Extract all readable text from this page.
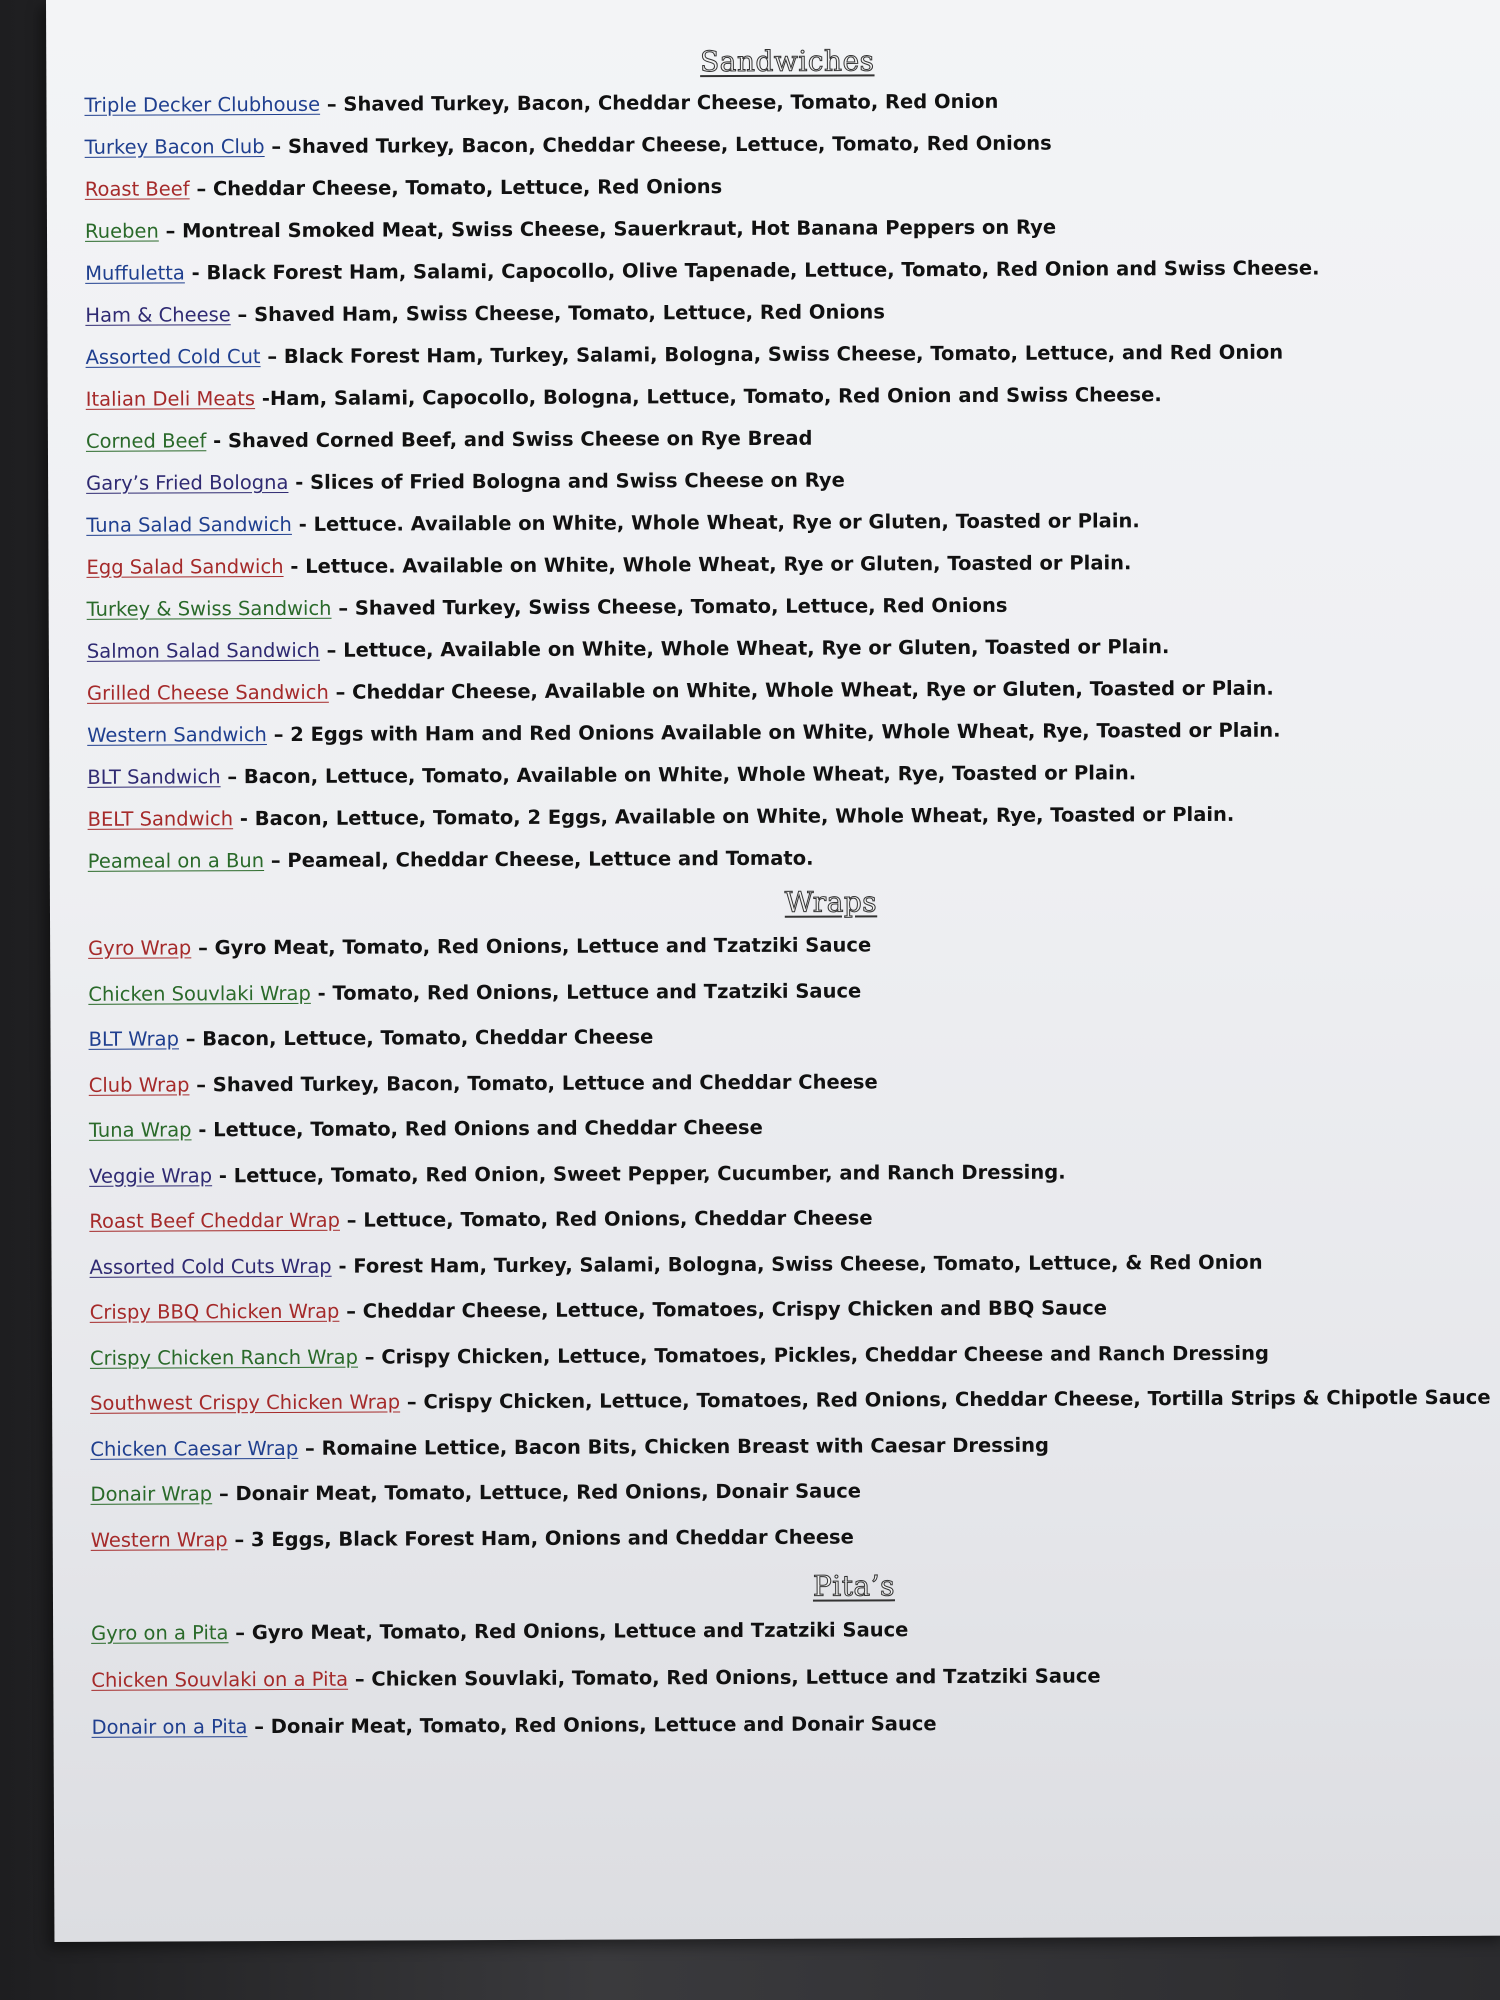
Sandwiches
Triple Decker Clubhouse – Shaved Turkey, Bacon, Cheddar Cheese, Tomato, Red Onion
Turkey Bacon Club – Shaved Turkey, Bacon, Cheddar Cheese, Lettuce, Tomato, Red Onions
Roast Beef – Cheddar Cheese, Tomato, Lettuce, Red Onions
Rueben – Montreal Smoked Meat, Swiss Cheese, Sauerkraut, Hot Banana Peppers on Rye
Muffuletta - Black Forest Ham, Salami, Capocollo, Olive Tapenade, Lettuce, Tomato, Red Onion and Swiss Cheese.
Ham & Cheese – Shaved Ham, Swiss Cheese, Tomato, Lettuce, Red Onions
Assorted Cold Cut – Black Forest Ham, Turkey, Salami, Bologna, Swiss Cheese, Tomato, Lettuce, and Red Onion
Italian Deli Meats -Ham, Salami, Capocollo, Bologna, Lettuce, Tomato, Red Onion and Swiss Cheese.
Corned Beef - Shaved Corned Beef, and Swiss Cheese on Rye Bread
Gary’s Fried Bologna - Slices of Fried Bologna and Swiss Cheese on Rye
Tuna Salad Sandwich - Lettuce. Available on White, Whole Wheat, Rye or Gluten, Toasted or Plain.
Egg Salad Sandwich - Lettuce. Available on White, Whole Wheat, Rye or Gluten, Toasted or Plain.
Turkey & Swiss Sandwich – Shaved Turkey, Swiss Cheese, Tomato, Lettuce, Red Onions
Salmon Salad Sandwich – Lettuce, Available on White, Whole Wheat, Rye or Gluten, Toasted or Plain.
Grilled Cheese Sandwich – Cheddar Cheese, Available on White, Whole Wheat, Rye or Gluten, Toasted or Plain.
Western Sandwich – 2 Eggs with Ham and Red Onions Available on White, Whole Wheat, Rye, Toasted or Plain.
BLT Sandwich – Bacon, Lettuce, Tomato, Available on White, Whole Wheat, Rye, Toasted or Plain.
BELT Sandwich - Bacon, Lettuce, Tomato, 2 Eggs, Available on White, Whole Wheat, Rye, Toasted or Plain.
Peameal on a Bun – Peameal, Cheddar Cheese, Lettuce and Tomato.
Wraps
Gyro Wrap – Gyro Meat, Tomato, Red Onions, Lettuce and Tzatziki Sauce
Chicken Souvlaki Wrap - Tomato, Red Onions, Lettuce and Tzatziki Sauce
BLT Wrap – Bacon, Lettuce, Tomato, Cheddar Cheese
Club Wrap – Shaved Turkey, Bacon, Tomato, Lettuce and Cheddar Cheese
Tuna Wrap - Lettuce, Tomato, Red Onions and Cheddar Cheese
Veggie Wrap - Lettuce, Tomato, Red Onion, Sweet Pepper, Cucumber, and Ranch Dressing.
Roast Beef Cheddar Wrap – Lettuce, Tomato, Red Onions, Cheddar Cheese
Assorted Cold Cuts Wrap - Forest Ham, Turkey, Salami, Bologna, Swiss Cheese, Tomato, Lettuce, & Red Onion
Crispy BBQ Chicken Wrap – Cheddar Cheese, Lettuce, Tomatoes, Crispy Chicken and BBQ Sauce
Crispy Chicken Ranch Wrap – Crispy Chicken, Lettuce, Tomatoes, Pickles, Cheddar Cheese and Ranch Dressing
Southwest Crispy Chicken Wrap – Crispy Chicken, Lettuce, Tomatoes, Red Onions, Cheddar Cheese, Tortilla Strips & Chipotle Sauce
Chicken Caesar Wrap – Romaine Lettice, Bacon Bits, Chicken Breast with Caesar Dressing
Donair Wrap – Donair Meat, Tomato, Lettuce, Red Onions, Donair Sauce
Western Wrap – 3 Eggs, Black Forest Ham, Onions and Cheddar Cheese
Pita’s
Gyro on a Pita – Gyro Meat, Tomato, Red Onions, Lettuce and Tzatziki Sauce
Chicken Souvlaki on a Pita – Chicken Souvlaki, Tomato, Red Onions, Lettuce and Tzatziki Sauce
Donair on a Pita – Donair Meat, Tomato, Red Onions, Lettuce and Donair Sauce
